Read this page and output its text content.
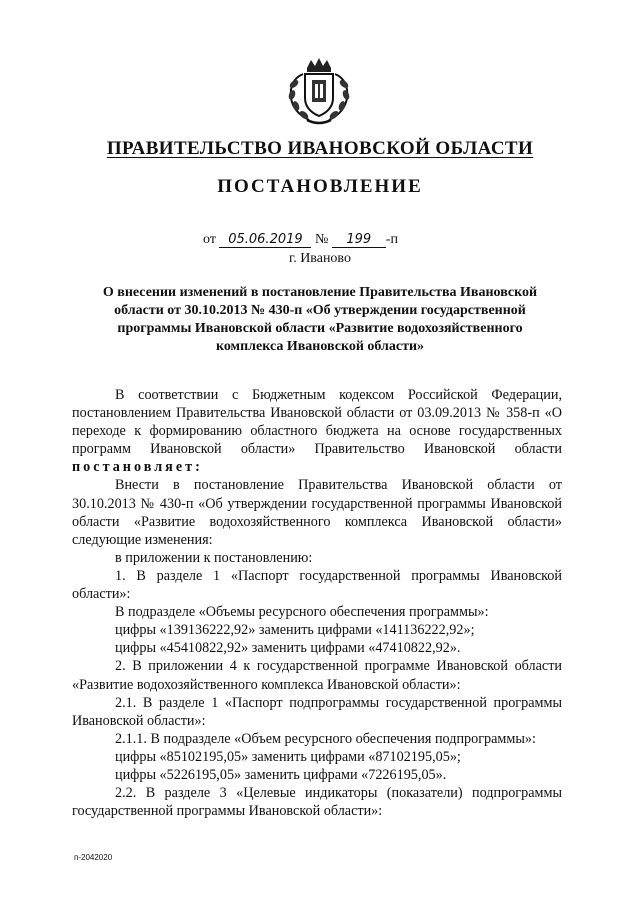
ПРАВИТЕЛЬСТВО ИВАНОВСКОЙ ОБЛАСТИ
ПОСТАНОВЛЕНИЕ
от 05.06.2019 № 199 -п
г. Иваново
О внесении изменений в постановление Правительства Ивановской области от 30.10.2013 № 430-п «Об утверждении государственной программы Ивановской области «Развитие водохозяйственного комплекса Ивановской области»

В соответствии с Бюджетным кодексом Российской Федерации, постановлением Правительства Ивановской области от 03.09.2013 № 358-п «О переходе к формированию областного бюджета на основе государственных программ Ивановской области» Правительство Ивановской области постановляет:

Внести в постановление Правительства Ивановской области от 30.10.2013 № 430-п «Об утверждении государственной программы Ивановской области «Развитие водохозяйственного комплекса Ивановской области» следующие изменения:

в приложении к постановлению:

1. В разделе 1 «Паспорт государственной программы Ивановской области»:

В подразделе «Объемы ресурсного обеспечения программы»:

цифры «139136222,92» заменить цифрами «141136222,92»;

цифры «45410822,92» заменить цифрами «47410822,92».

2. В приложении 4 к государственной программе Ивановской области «Развитие водохозяйственного комплекса Ивановской области»:

2.1. В разделе 1 «Паспорт подпрограммы государственной программы Ивановской области»:

2.1.1. В подразделе «Объем ресурсного обеспечения подпрограммы»:

цифры «85102195,05» заменить цифрами «87102195,05»;

цифры «5226195,05» заменить цифрами «7226195,05».

2.2. В разделе 3 «Целевые индикаторы (показатели) подпрограммы государственной программы Ивановской области»:

п-2042020
